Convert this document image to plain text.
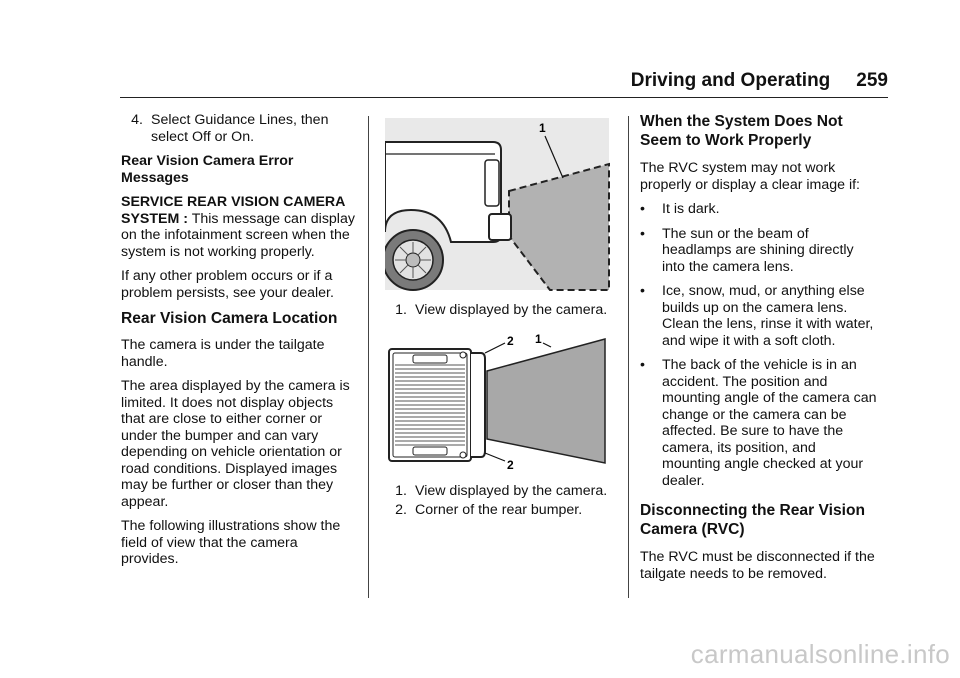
Driving and Operating 259
4. Select Guidance Lines, then select Off or On.

Rear Vision Camera Error Messages

SERVICE REAR VISION CAMERA SYSTEM : This message can display on the infotainment screen when the system is not working properly.

If any other problem occurs or if a problem persists, see your dealer.

Rear Vision Camera Location

The camera is under the tailgate handle.

The area displayed by the camera is limited. It does not display objects that are close to either corner or under the bumper and can vary depending on vehicle orientation or road conditions. Displayed images may be further or closer than they appear.

The following illustrations show the field of view that the camera provides.

1
1. View displayed by the camera.
2 1
2
1. View displayed by the camera.
2. Corner of the rear bumper.
When the System Does Not Seem to Work Properly

The RVC system may not work properly or display a clear image if:

•	It is dark.
•	The sun or the beam of headlamps are shining directly into the camera lens.
•	Ice, snow, mud, or anything else builds up on the camera lens. Clean the lens, rinse it with water, and wipe it with a soft cloth.
•	The back of the vehicle is in an accident. The position and mounting angle of the camera can change or the camera can be affected. Be sure to have the camera, its position, and mounting angle checked at your dealer.
Disconnecting the Rear Vision Camera (RVC)

The RVC must be disconnected if the tailgate needs to be removed.

carmanualsonline.info
